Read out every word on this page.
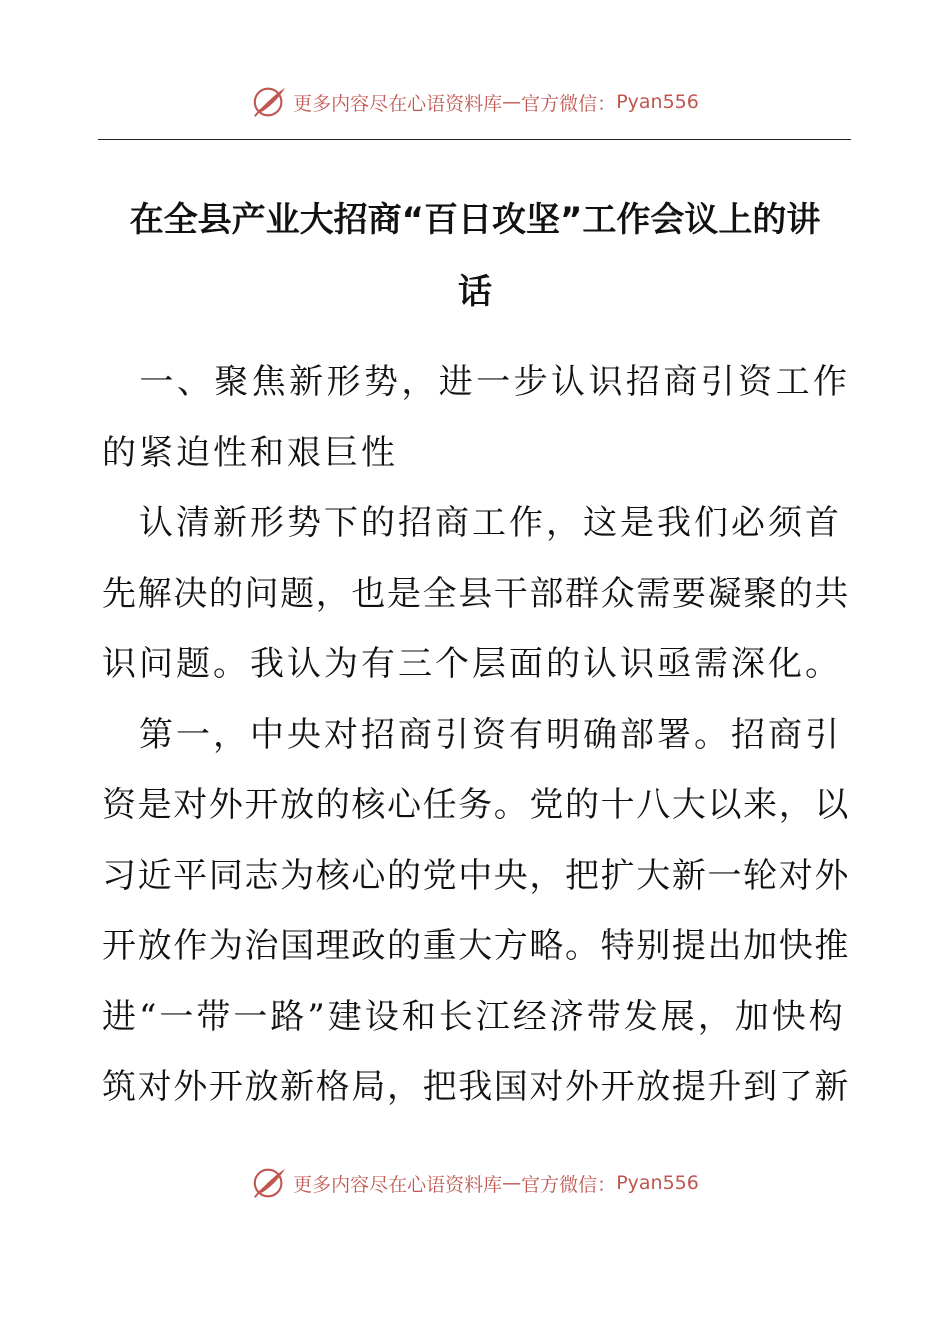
更多内容尽在心语资料库 — 官方微信： Pyan556
在全县产业大招商“百日攻坚”工作会议上的讲
话
　一、聚焦新形势，进一步认识招商引资工作
的紧迫性和艰巨性
　认清新形势下的招商工作，这是我们必须首
先解决的问题，也是全县干部群众需要凝聚的共
识问题。我认为有三个层面的认识亟需深化。
　第一，中央对招商引资有明确部署。招商引
资是对外开放的核心任务。党的十八大以来，以
习近平同志为核心的党中央，把扩大新一轮对外
开放作为治国理政的重大方略。特别提出加快推
进“一带一路”建设和长江经济带发展，加快构
筑对外开放新格局，把我国对外开放提升到了新
更多内容尽在心语资料库 — 官方微信： Pyan556
